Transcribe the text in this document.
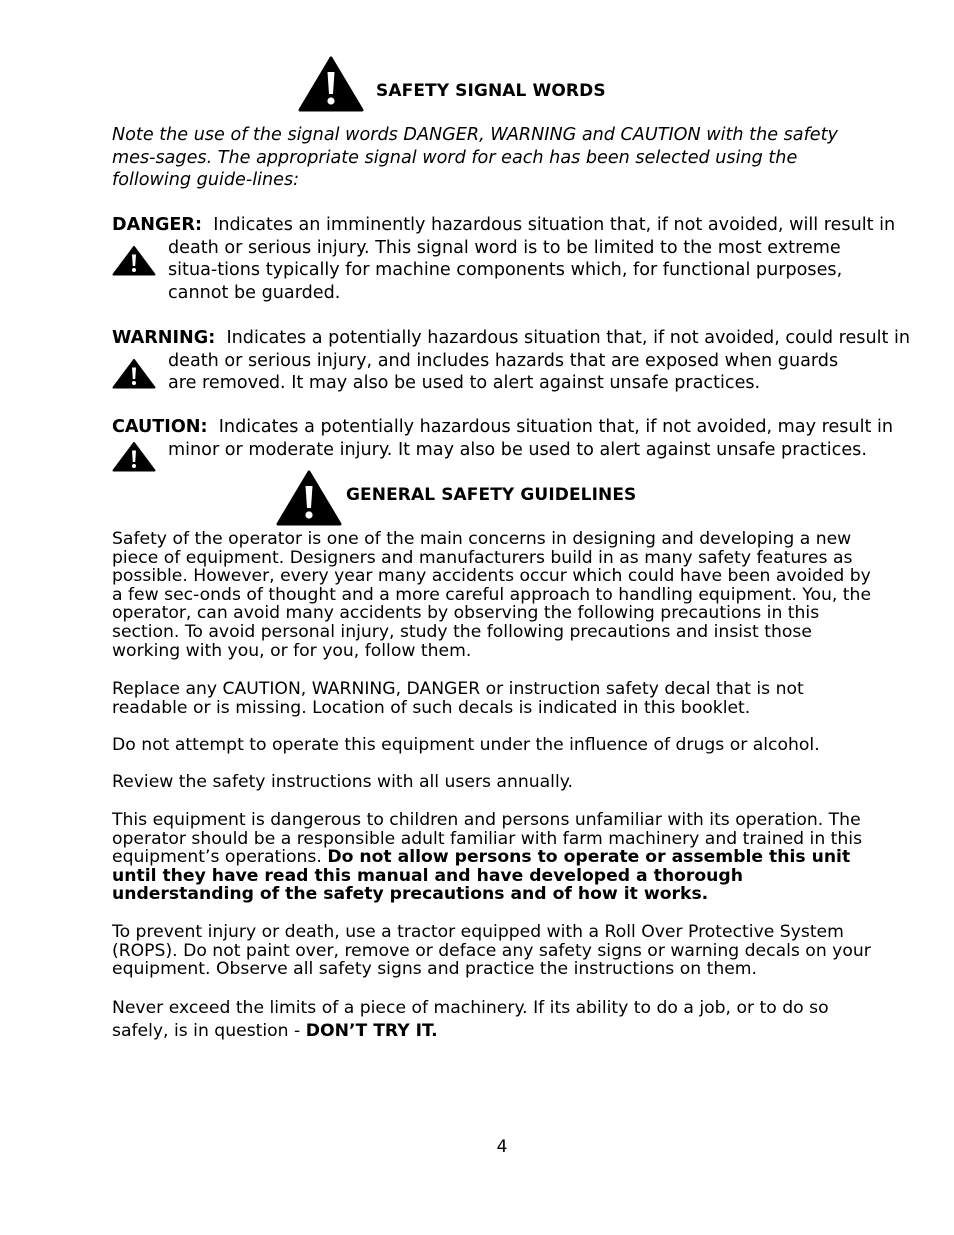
SAFETY SIGNAL WORDS

Note the use of the signal words DANGER, WARNING and CAUTION with the safety mes-sages. The appropriate signal word for each has been selected using the following guide-lines:

DANGER: Indicates an imminently hazardous situation that, if not avoided, will result in

death or serious injury. This signal word is to be limited to the most extreme situa-tions typically for machine components which, for functional purposes, cannot be guarded.

WARNING: Indicates a potentially hazardous situation that, if not avoided, could result in

death or serious injury, and includes hazards that are exposed when guards are removed. It may also be used to alert against unsafe practices.

CAUTION: Indicates a potentially hazardous situation that, if not avoided, may result in

minor or moderate injury. It may also be used to alert against unsafe practices.

GENERAL SAFETY GUIDELINES

Safety of the operator is one of the main concerns in designing and developing a new piece of equipment. Designers and manufacturers build in as many safety features as possible. However, every year many accidents occur which could have been avoided by a few sec-onds of thought and a more careful approach to handling equipment. You, the operator, can avoid many accidents by observing the following precautions in this section. To avoid personal injury, study the following precautions and insist those working with you, or for you, follow them.

Replace any CAUTION, WARNING, DANGER or instruction safety decal that is not readable or is missing. Location of such decals is indicated in this booklet.

Do not attempt to operate this equipment under the influence of drugs or alcohol.

Review the safety instructions with all users annually.

This equipment is dangerous to children and persons unfamiliar with its operation. The operator should be a responsible adult familiar with farm machinery and trained in this equipment’s operations. Do not allow persons to operate or assemble this unit until they have read this manual and have developed a thorough understanding of the safety precautions and of how it works.

To prevent injury or death, use a tractor equipped with a Roll Over Protective System (ROPS). Do not paint over, remove or deface any safety signs or warning decals on your equipment. Observe all safety signs and practice the instructions on them.

Never exceed the limits of a piece of machinery. If its ability to do a job, or to do so safely, is in question - DON’T TRY IT.

4
